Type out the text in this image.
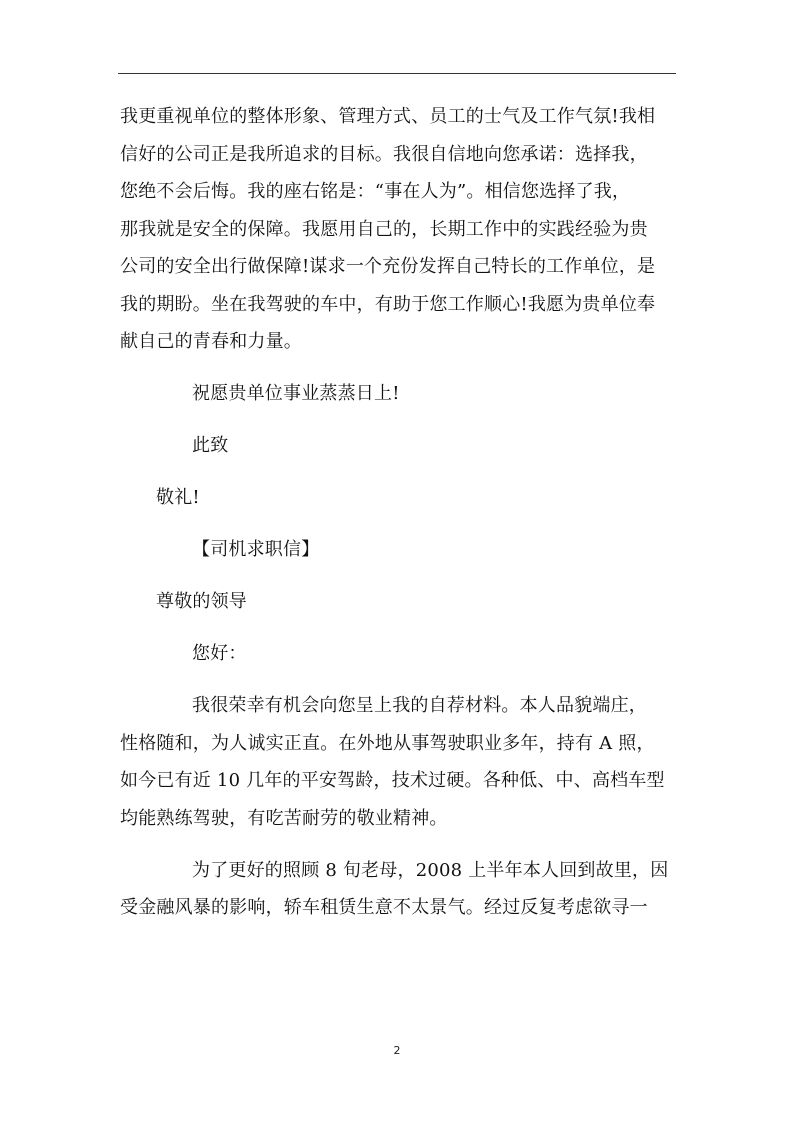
我更重视单位的整体形象、管理方式、员工的士气及工作气氛!我相
信好的公司正是我所追求的目标。我很自信地向您承诺：选择我，
您绝不会后悔。我的座右铭是：“事在人为”。相信您选择了我，
那我就是安全的保障。我愿用自己的，长期工作中的实践经验为贵
公司的安全出行做保障!谋求一个充份发挥自己特长的工作单位，是
我的期盼。坐在我驾驶的车中，有助于您工作顺心!我愿为贵单位奉
献自己的青春和力量。

祝愿贵单位事业蒸蒸日上!

此致

敬礼!

【司机求职信】

尊敬的领导

您好：

我很荣幸有机会向您呈上我的自荐材料。本人品貌端庄，
性格随和，为人诚实正直。在外地从事驾驶职业多年，持有 A 照，
如今已有近 10 几年的平安驾龄，技术过硬。各种低、中、高档车型
均能熟练驾驶，有吃苦耐劳的敬业精神。

为了更好的照顾 8 旬老母，2008 上半年本人回到故里，因
受金融风暴的影响，轿车租赁生意不太景气。经过反复考虑欲寻一

2
